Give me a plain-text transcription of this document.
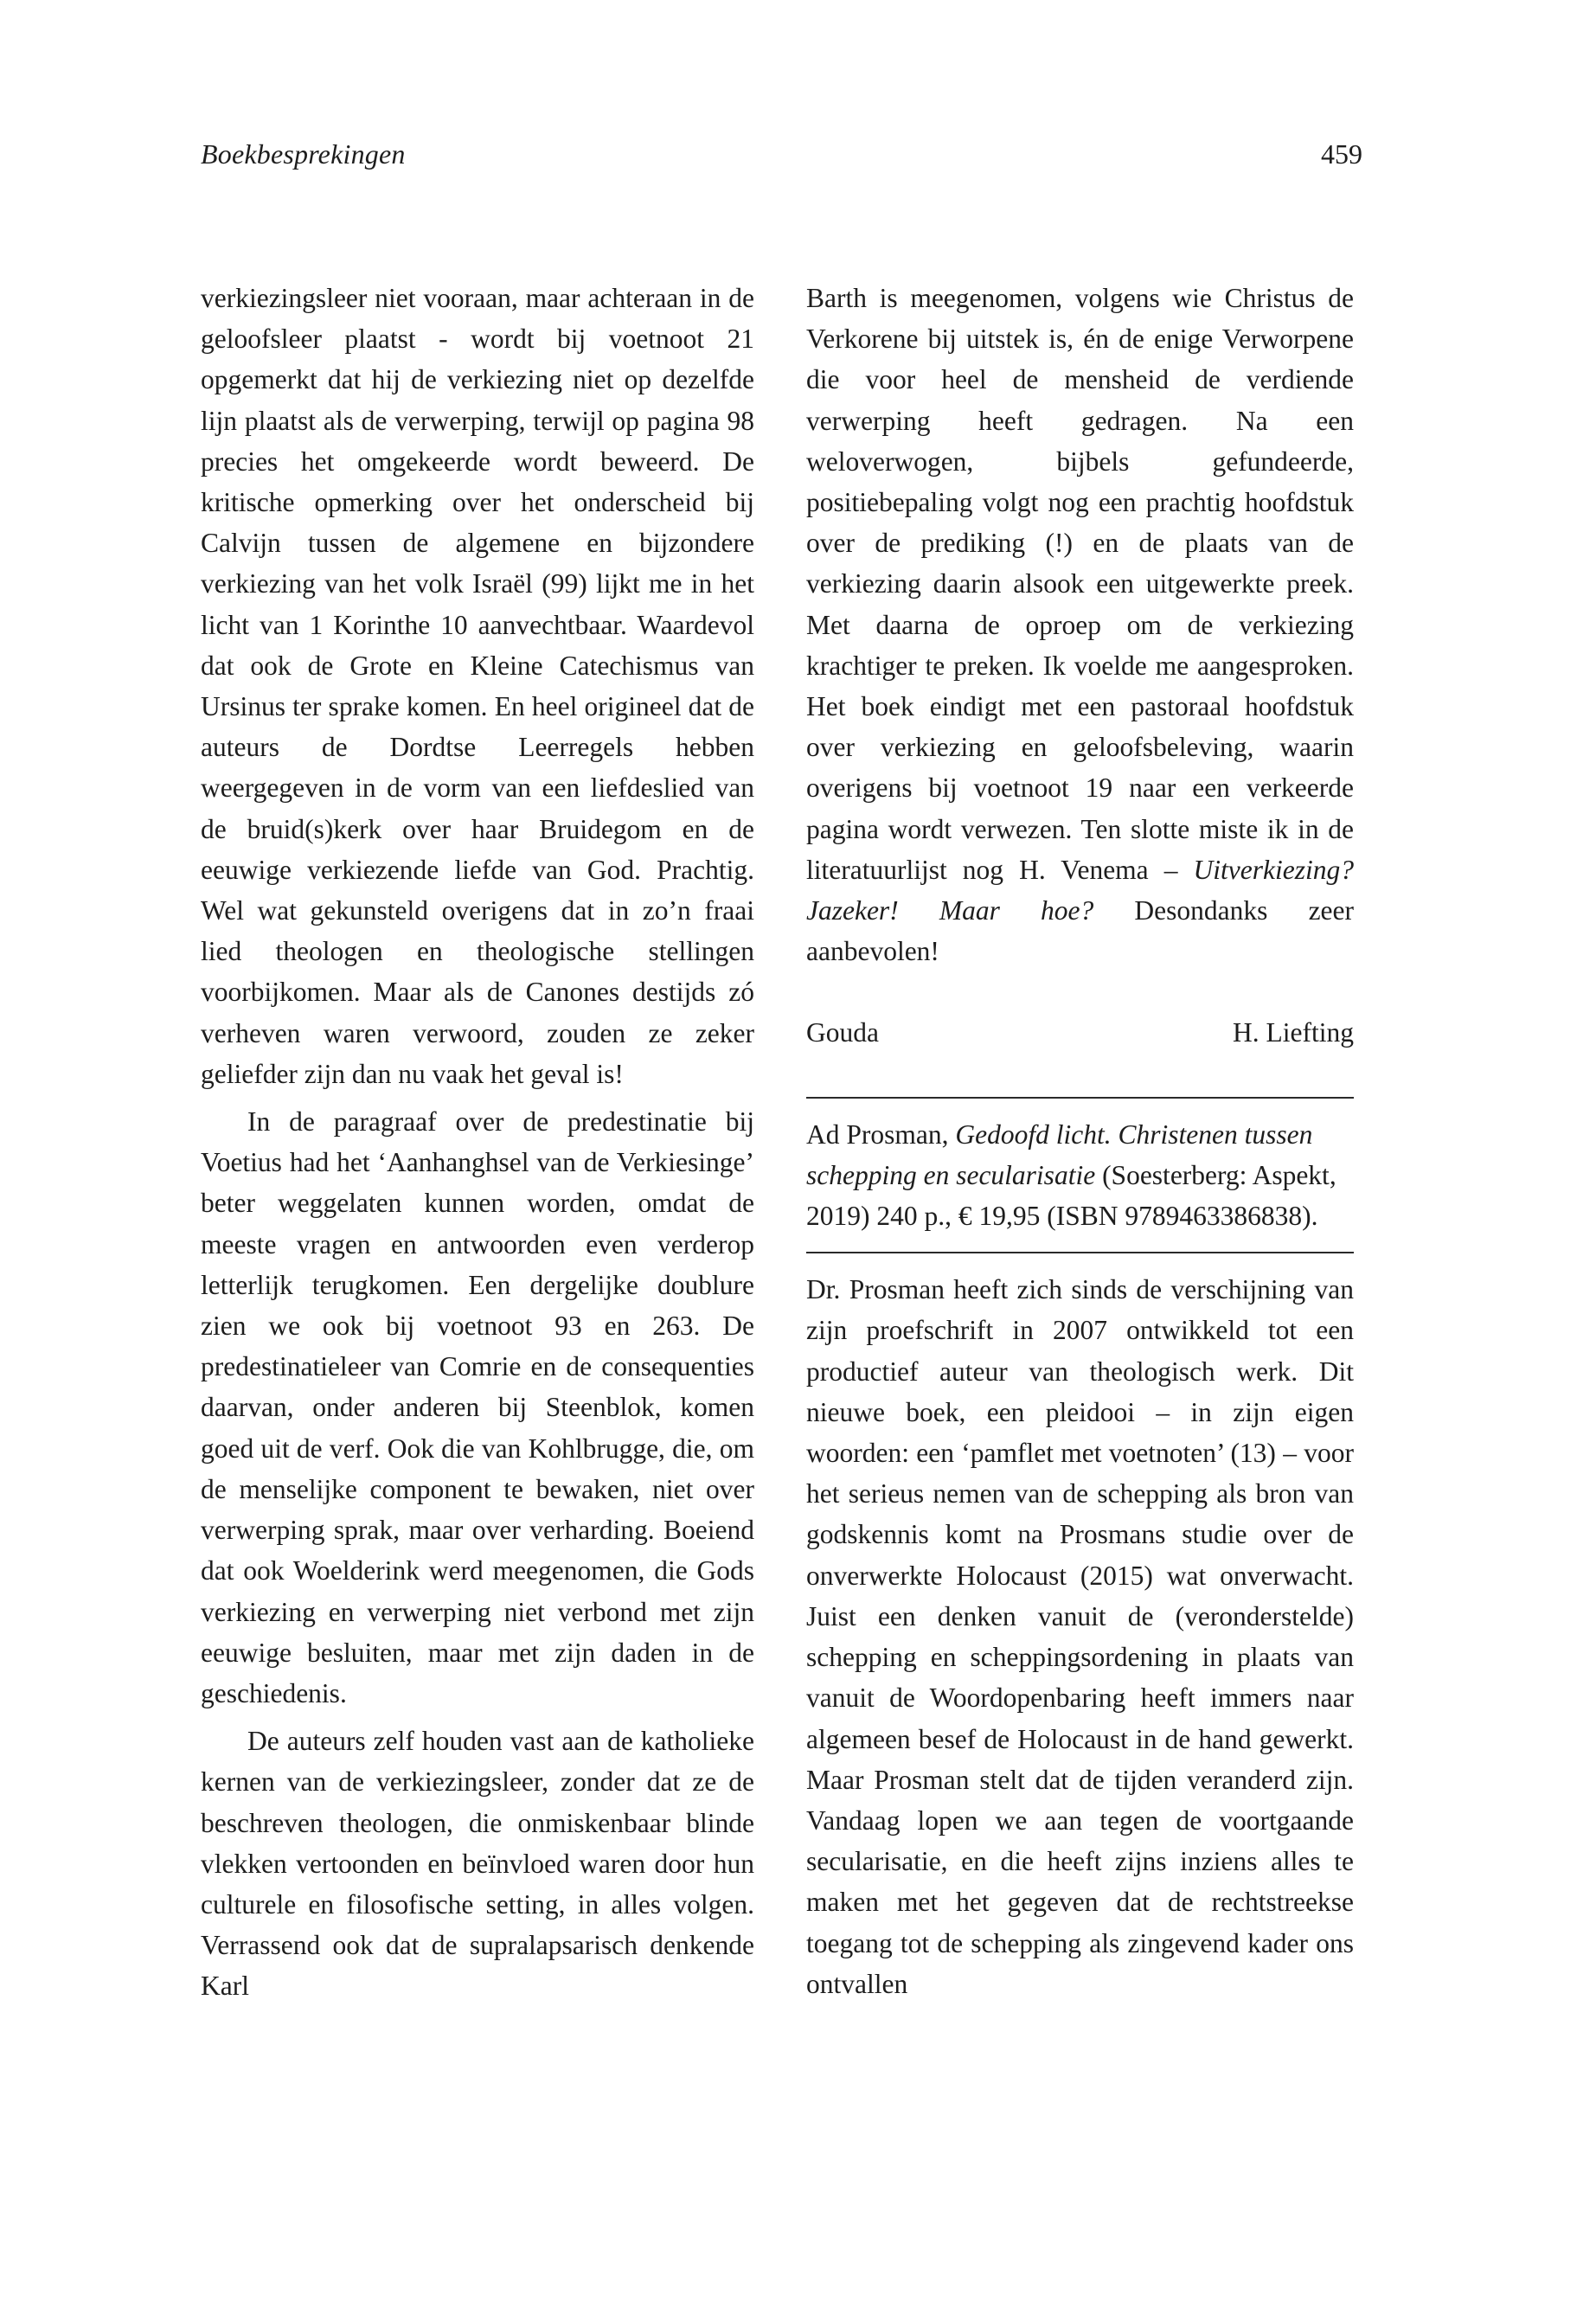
Boekbesprekingen	459

verkiezingsleer niet vooraan, maar achteraan in de geloofsleer plaatst - wordt bij voetnoot 21 opgemerkt dat hij de verkiezing niet op dezelfde lijn plaatst als de verwerping, terwijl op pagina 98 precies het omgekeerde wordt beweerd. De kritische opmerking over het onderscheid bij Calvijn tussen de algemene en bijzondere verkiezing van het volk Israël (99) lijkt me in het licht van 1 Korinthe 10 aanvechtbaar. Waardevol dat ook de Grote en Kleine Catechismus van Ursinus ter sprake komen. En heel origineel dat de auteurs de Dordtse Leerregels hebben weergegeven in de vorm van een liefdeslied van de bruid(s)kerk over haar Bruidegom en de eeuwige verkiezende liefde van God. Prachtig. Wel wat gekunsteld overigens dat in zo’n fraai lied theologen en theologische stellingen voorbijkomen. Maar als de Canones destijds zó verheven waren verwoord, zouden ze zeker geliefder zijn dan nu vaak het geval is!

In de paragraaf over de predestinatie bij Voetius had het ‘Aanhanghsel van de Verkiesinge’ beter weggelaten kunnen worden, omdat de meeste vragen en antwoorden even verderop letterlijk terugkomen. Een dergelijke doublure zien we ook bij voetnoot 93 en 263. De predestinatieleer van Comrie en de consequenties daarvan, onder anderen bij Steenblok, komen goed uit de verf. Ook die van Kohlbrugge, die, om de menselijke component te bewaken, niet over verwerping sprak, maar over verharding. Boeiend dat ook Woelderink werd meegenomen, die Gods verkiezing en verwerping niet verbond met zijn eeuwige besluiten, maar met zijn daden in de geschiedenis.

De auteurs zelf houden vast aan de katholieke kernen van de verkiezingsleer, zonder dat ze de beschreven theologen, die onmiskenbaar blinde vlekken vertoonden en beïnvloed waren door hun culturele en filosofische setting, in alles volgen. Verrassend ook dat de supralapsarisch denkende Karl

Barth is meegenomen, volgens wie Christus de Verkorene bij uitstek is, én de enige Verworpene die voor heel de mensheid de verdiende verwerping heeft gedragen. Na een weloverwogen, bijbels gefundeerde, positiebepaling volgt nog een prachtig hoofdstuk over de prediking (!) en de plaats van de verkiezing daarin alsook een uitgewerkte preek. Met daarna de oproep om de verkiezing krachtiger te preken. Ik voelde me aangesproken. Het boek eindigt met een pastoraal hoofdstuk over verkiezing en geloofsbeleving, waarin overigens bij voetnoot 19 naar een verkeerde pagina wordt verwezen. Ten slotte miste ik in de literatuurlijst nog H. Venema – Uitverkiezing? Jazeker! Maar hoe? Desondanks zeer aanbevolen!

Gouda	H. Liefting

Ad Prosman, Gedoofd licht. Christenen tussen schepping en secularisatie (Soesterberg: Aspekt, 2019) 240 p., € 19,95 (ISBN 9789463386838).

Dr. Prosman heeft zich sinds de verschijning van zijn proefschrift in 2007 ontwikkeld tot een productief auteur van theologisch werk. Dit nieuwe boek, een pleidooi – in zijn eigen woorden: een ‘pamflet met voetnoten’ (13) – voor het serieus nemen van de schepping als bron van godskennis komt na Prosmans studie over de onverwerkte Holocaust (2015) wat onverwacht. Juist een denken vanuit de (veronderstelde) schepping en scheppingsordening in plaats van vanuit de Woordopenbaring heeft immers naar algemeen besef de Holocaust in de hand gewerkt. Maar Prosman stelt dat de tijden veranderd zijn. Vandaag lopen we aan tegen de voortgaande secularisatie, en die heeft zijns inziens alles te maken met het gegeven dat de rechtstreekse toegang tot de schepping als zingevend kader ons ontvallen
